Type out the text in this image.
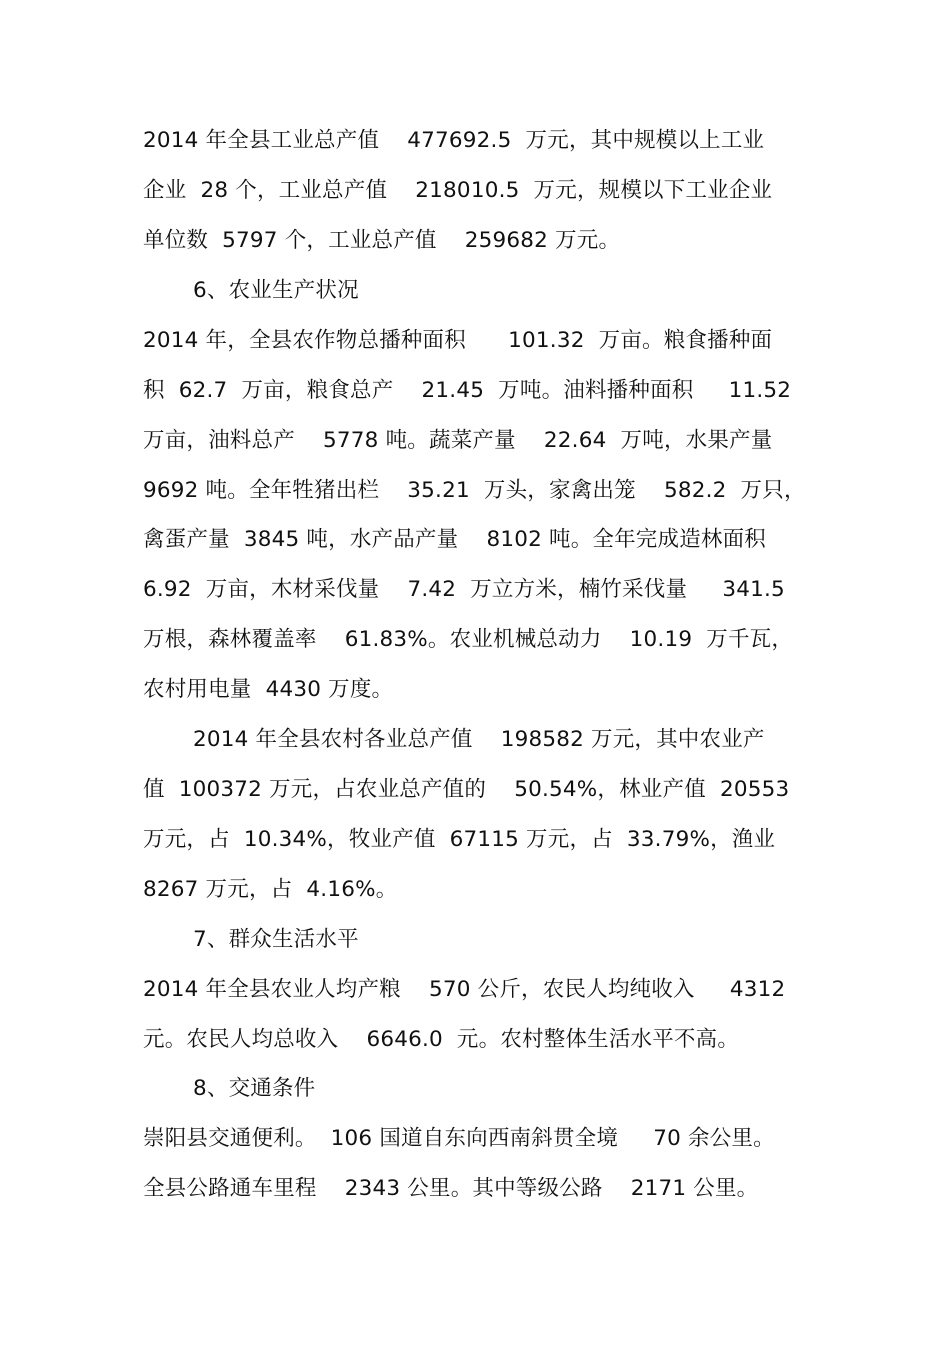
2014 年全县工业总产值    477692.5  万元，其中规模以上工业
企业  28 个，工业总产值    218010.5  万元，规模以下工业企业
单位数  5797 个，工业总产值    259682 万元。
6、农业生产状况
2014 年，全县农作物总播种面积      101.32  万亩。粮食播种面
积  62.7  万亩，粮食总产    21.45  万吨。油料播种面积     11.52
万亩，油料总产    5778 吨。蔬菜产量    22.64  万吨，水果产量
9692 吨。全年牲猪出栏    35.21  万头，家禽出笼    582.2  万只，
禽蛋产量  3845 吨，水产品产量    8102 吨。全年完成造林面积
6.92  万亩，木材采伐量    7.42  万立方米，楠竹采伐量     341.5
万根，森林覆盖率    61.83%。农业机械总动力    10.19  万千瓦，
农村用电量  4430 万度。
2014 年全县农村各业总产值    198582 万元，其中农业产
值  100372 万元，占农业总产值的    50.54%，林业产值  20553
万元，占  10.34%，牧业产值  67115 万元，占  33.79%，渔业
8267 万元，占  4.16%。
7、群众生活水平
2014 年全县农业人均产粮    570 公斤，农民人均纯收入     4312
元。农民人均总收入    6646.0  元。农村整体生活水平不高。
8、交通条件
崇阳县交通便利。  106 国道自东向西南斜贯全境     70 余公里。
全县公路通车里程    2343 公里。其中等级公路    2171 公里。
